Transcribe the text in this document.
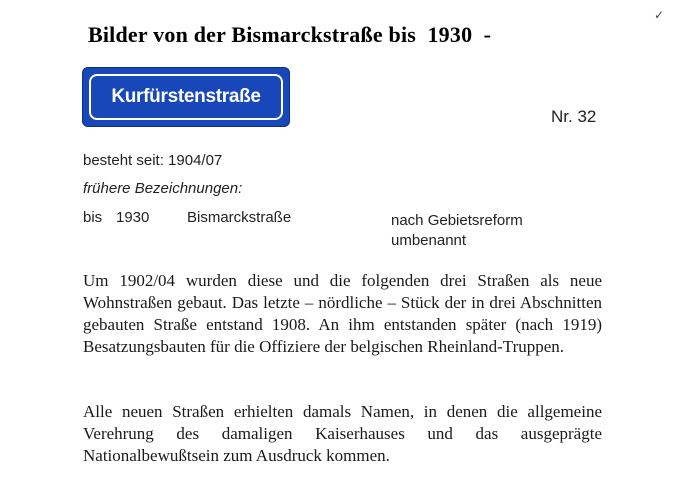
Bilder von der Bismarckstraße bis  1930  -
✓
Kurfürstenstraße
Nr. 32
besteht seit: 1904/07
frühere Bezeichnungen:
bis 1930	Bismarckstraße	nach Gebietsreform
umbenannt

Um 1902/04 wurden diese und die folgenden drei Straßen als neue Wohnstraßen gebaut. Das letzte – nördliche – Stück der in drei Abschnitten gebauten Straße entstand 1908. An ihm entstanden später (nach 1919) Besatzungsbauten für die Offiziere der belgischen Rheinland-Truppen.

Alle neuen Straßen erhielten damals Namen, in denen die allgemeine Verehrung des damaligen Kaiserhauses und das ausgeprägte Nationalbewußtsein zum Ausdruck kommen.
